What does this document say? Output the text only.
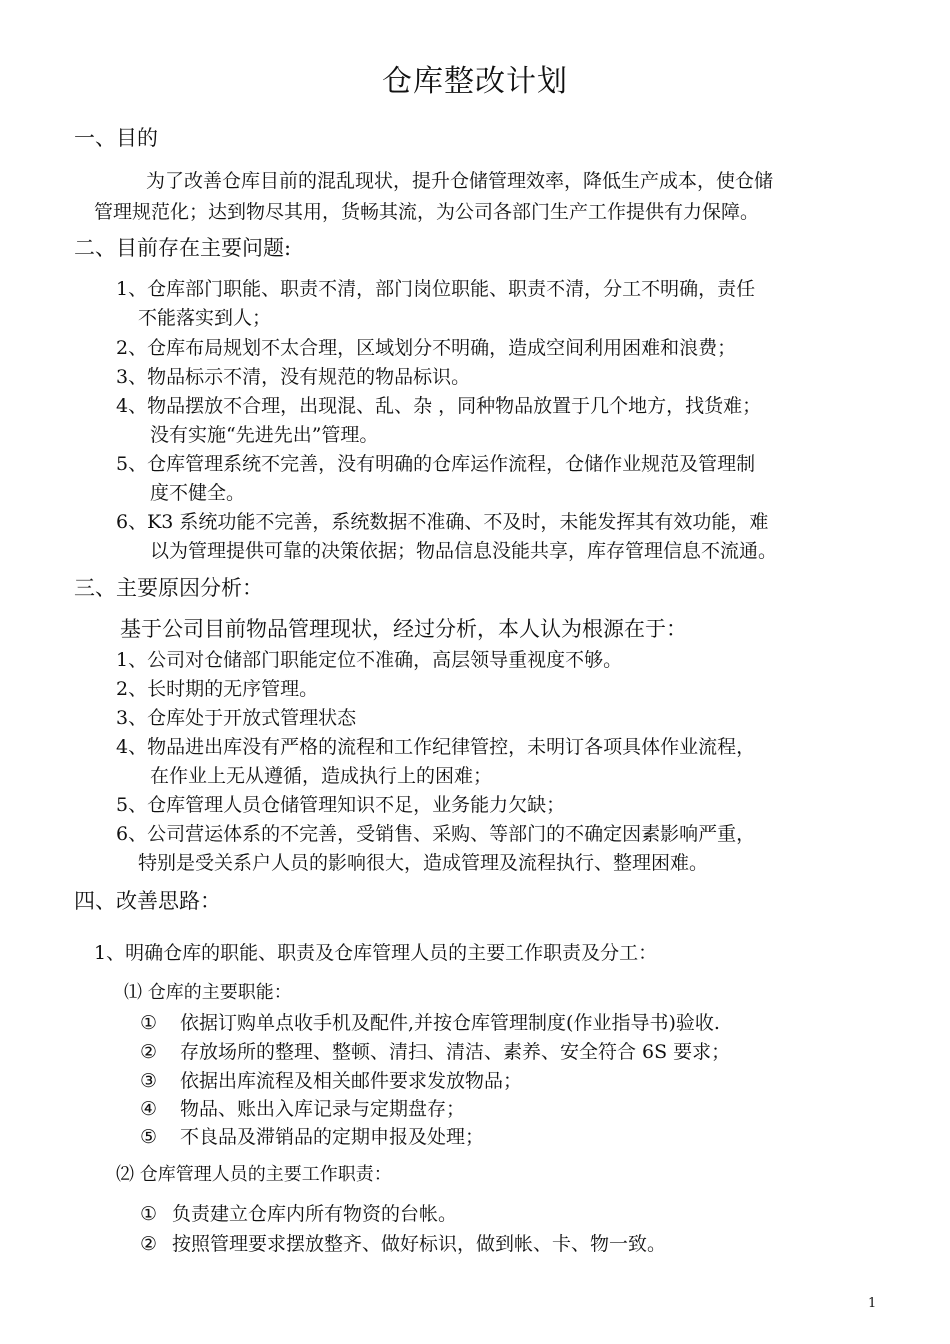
仓库整改计划
一、目的
为了改善仓库目前的混乱现状，提升仓储管理效率，降低生产成本，使仓储
管理规范化；达到物尽其用，货畅其流，为公司各部门生产工作提供有力保障。
二、目前存在主要问题:
1、仓库部门职能、职责不清，部门岗位职能、职责不清，分工不明确，责任
不能落实到人；
2、仓库布局规划不太合理，区域划分不明确，造成空间利用困难和浪费；
3、物品标示不清，没有规范的物品标识。
4、物品摆放不合理，出现混、乱、杂 ，同种物品放置于几个地方，找货难；
没有实施“先进先出”管理。
5、仓库管理系统不完善，没有明确的仓库运作流程，仓储作业规范及管理制
度不健全。
6、K3 系统功能不完善，系统数据不准确、不及时，未能发挥其有效功能，难
以为管理提供可靠的决策依据；物品信息没能共享，库存管理信息不流通。
三、主要原因分析：
基于公司目前物品管理现状，经过分析，本人认为根源在于：
1、公司对仓储部门职能定位不准确，高层领导重视度不够。
2、长时期的无序管理。
3、仓库处于开放式管理状态
4、物品进出库没有严格的流程和工作纪律管控，未明订各项具体作业流程，
在作业上无从遵循，造成执行上的困难；
5、仓库管理人员仓储管理知识不足，业务能力欠缺；
6、公司营运体系的不完善，受销售、采购、等部门的不确定因素影响严重，
特别是受关系户人员的影响很大，造成管理及流程执行、整理困难。
四、改善思路：
1、明确仓库的职能、职责及仓库管理人员的主要工作职责及分工：
⑴ 仓库的主要职能：
① 依据订购单点收手机及配件,并按仓库管理制度(作业指导书)验收.
② 存放场所的整理、整顿、清扫、清洁、素养、安全符合 6S 要求；
③ 依据出库流程及相关邮件要求发放物品；
④ 物品、账出入库记录与定期盘存；
⑤ 不良品及滞销品的定期申报及处理；
⑵ 仓库管理人员的主要工作职责：
① 负责建立仓库内所有物资的台帐。
② 按照管理要求摆放整齐、做好标识，做到帐、卡、物一致。
1
